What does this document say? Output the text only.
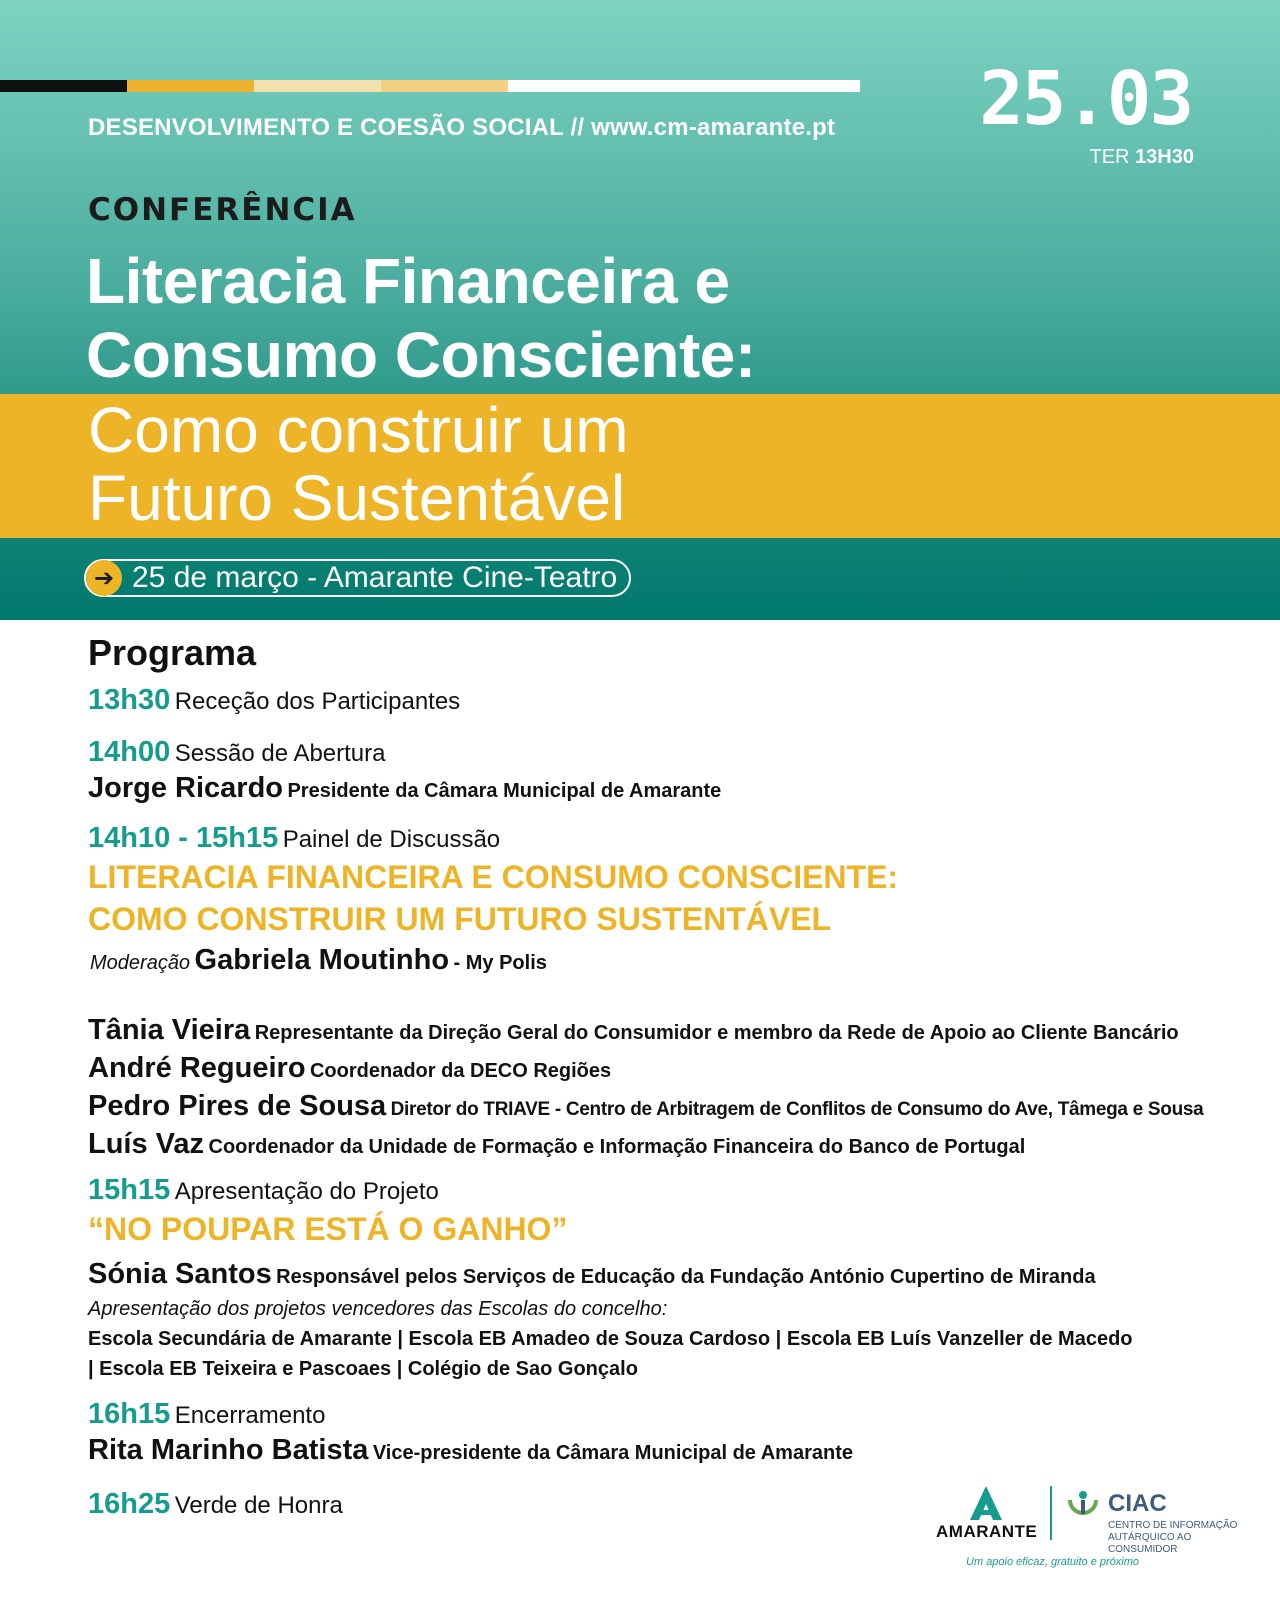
DESENVOLVIMENTO E COESÃO SOCIAL // www.cm-amarante.pt 25.03
TER 13H30
CONFERÊNCIA
Literacia Financeira e
Consumo Consciente:
Como construir um
Futuro Sustentável
➔ 25 de março - Amarante Cine-Teatro
Programa
13h30 Receção dos Participantes
14h00 Sessão de Abertura
Jorge Ricardo Presidente da Câmara Municipal de Amarante
14h10 - 15h15 Painel de Discussão
LITERACIA FINANCEIRA E CONSUMO CONSCIENTE:
COMO CONSTRUIR UM FUTURO SUSTENTÁVEL
Moderação Gabriela Moutinho - My Polis
Tânia Vieira Representante da Direção Geral do Consumidor e membro da Rede de Apoio ao Cliente Bancário
André Regueiro Coordenador da DECO Regiões
Pedro Pires de Sousa Diretor do TRIAVE - Centro de Arbitragem de Conflitos de Consumo do Ave, Tâmega e Sousa
Luís Vaz Coordenador da Unidade de Formação e Informação Financeira do Banco de Portugal
15h15 Apresentação do Projeto
“NO POUPAR ESTÁ O GANHO”
Sónia Santos Responsável pelos Serviços de Educação da Fundação António Cupertino de Miranda
Apresentação dos projetos vencedores das Escolas do concelho:
Escola Secundária de Amarante | Escola EB Amadeo de Souza Cardoso | Escola EB Luís Vanzeller de Macedo
| Escola EB Teixeira e Pascoaes | Colégio de Sao Gonçalo
16h15 Encerramento
Rita Marinho Batista Vice-presidente da Câmara Municipal de Amarante
16h25 Verde de Honra
AMARANTE
CIAC
CENTRO DE INFORMAÇÃO
AUTÁRQUICO AO CONSUMIDOR
Um apoio eficaz, gratuito e próximo
